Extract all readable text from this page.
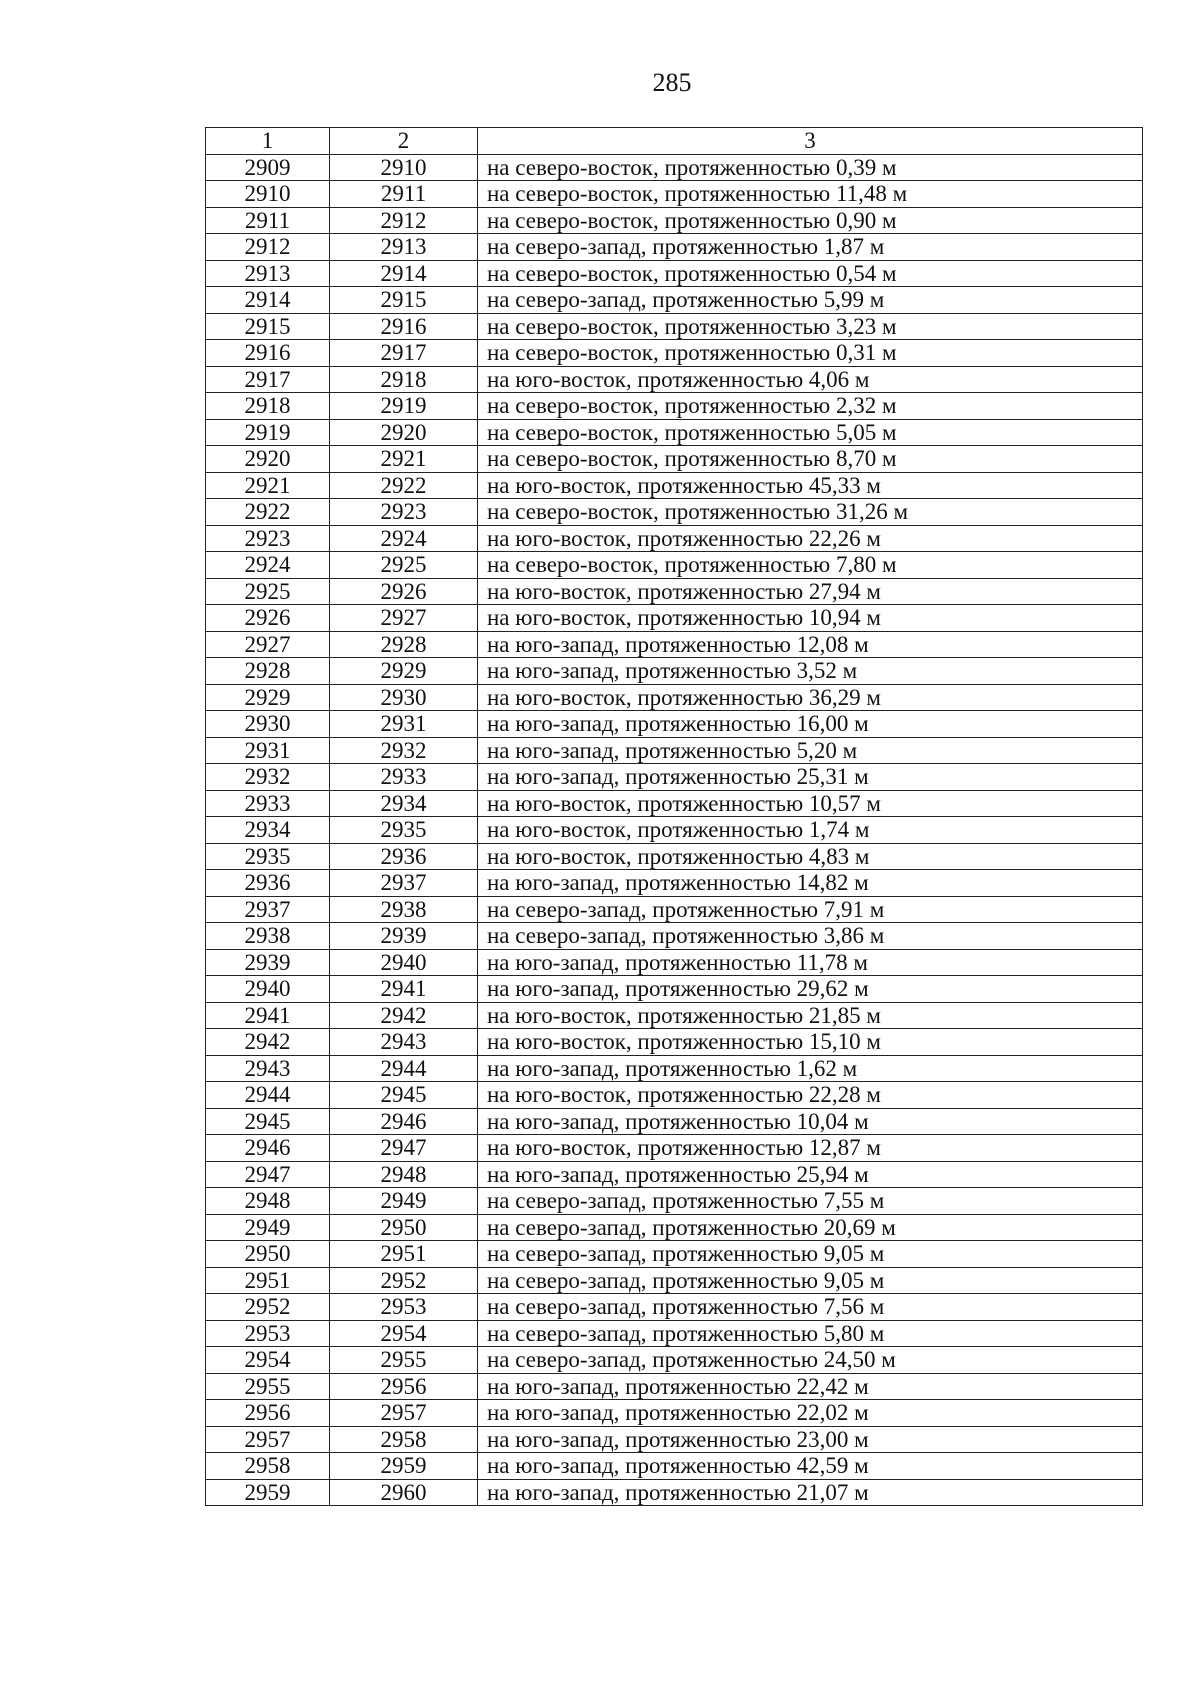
285
1	2	3
2909	2910	на северо-восток, протяженностью 0,39 м
2910	2911	на северо-восток, протяженностью 11,48 м
2911	2912	на северо-восток, протяженностью 0,90 м
2912	2913	на северо-запад, протяженностью 1,87 м
2913	2914	на северо-восток, протяженностью 0,54 м
2914	2915	на северо-запад, протяженностью 5,99 м
2915	2916	на северо-восток, протяженностью 3,23 м
2916	2917	на северо-восток, протяженностью 0,31 м
2917	2918	на юго-восток, протяженностью 4,06 м
2918	2919	на северо-восток, протяженностью 2,32 м
2919	2920	на северо-восток, протяженностью 5,05 м
2920	2921	на северо-восток, протяженностью 8,70 м
2921	2922	на юго-восток, протяженностью 45,33 м
2922	2923	на северо-восток, протяженностью 31,26 м
2923	2924	на юго-восток, протяженностью 22,26 м
2924	2925	на северо-восток, протяженностью 7,80 м
2925	2926	на юго-восток, протяженностью 27,94 м
2926	2927	на юго-восток, протяженностью 10,94 м
2927	2928	на юго-запад, протяженностью 12,08 м
2928	2929	на юго-запад, протяженностью 3,52 м
2929	2930	на юго-восток, протяженностью 36,29 м
2930	2931	на юго-запад, протяженностью 16,00 м
2931	2932	на юго-запад, протяженностью 5,20 м
2932	2933	на юго-запад, протяженностью 25,31 м
2933	2934	на юго-восток, протяженностью 10,57 м
2934	2935	на юго-восток, протяженностью 1,74 м
2935	2936	на юго-восток, протяженностью 4,83 м
2936	2937	на юго-запад, протяженностью 14,82 м
2937	2938	на северо-запад, протяженностью 7,91 м
2938	2939	на северо-запад, протяженностью 3,86 м
2939	2940	на юго-запад, протяженностью 11,78 м
2940	2941	на юго-запад, протяженностью 29,62 м
2941	2942	на юго-восток, протяженностью 21,85 м
2942	2943	на юго-восток, протяженностью 15,10 м
2943	2944	на юго-запад, протяженностью 1,62 м
2944	2945	на юго-восток, протяженностью 22,28 м
2945	2946	на юго-запад, протяженностью 10,04 м
2946	2947	на юго-восток, протяженностью 12,87 м
2947	2948	на юго-запад, протяженностью 25,94 м
2948	2949	на северо-запад, протяженностью 7,55 м
2949	2950	на северо-запад, протяженностью 20,69 м
2950	2951	на северо-запад, протяженностью 9,05 м
2951	2952	на северо-запад, протяженностью 9,05 м
2952	2953	на северо-запад, протяженностью 7,56 м
2953	2954	на северо-запад, протяженностью 5,80 м
2954	2955	на северо-запад, протяженностью 24,50 м
2955	2956	на юго-запад, протяженностью 22,42 м
2956	2957	на юго-запад, протяженностью 22,02 м
2957	2958	на юго-запад, протяженностью 23,00 м
2958	2959	на юго-запад, протяженностью 42,59 м
2959	2960	на юго-запад, протяженностью 21,07 м
